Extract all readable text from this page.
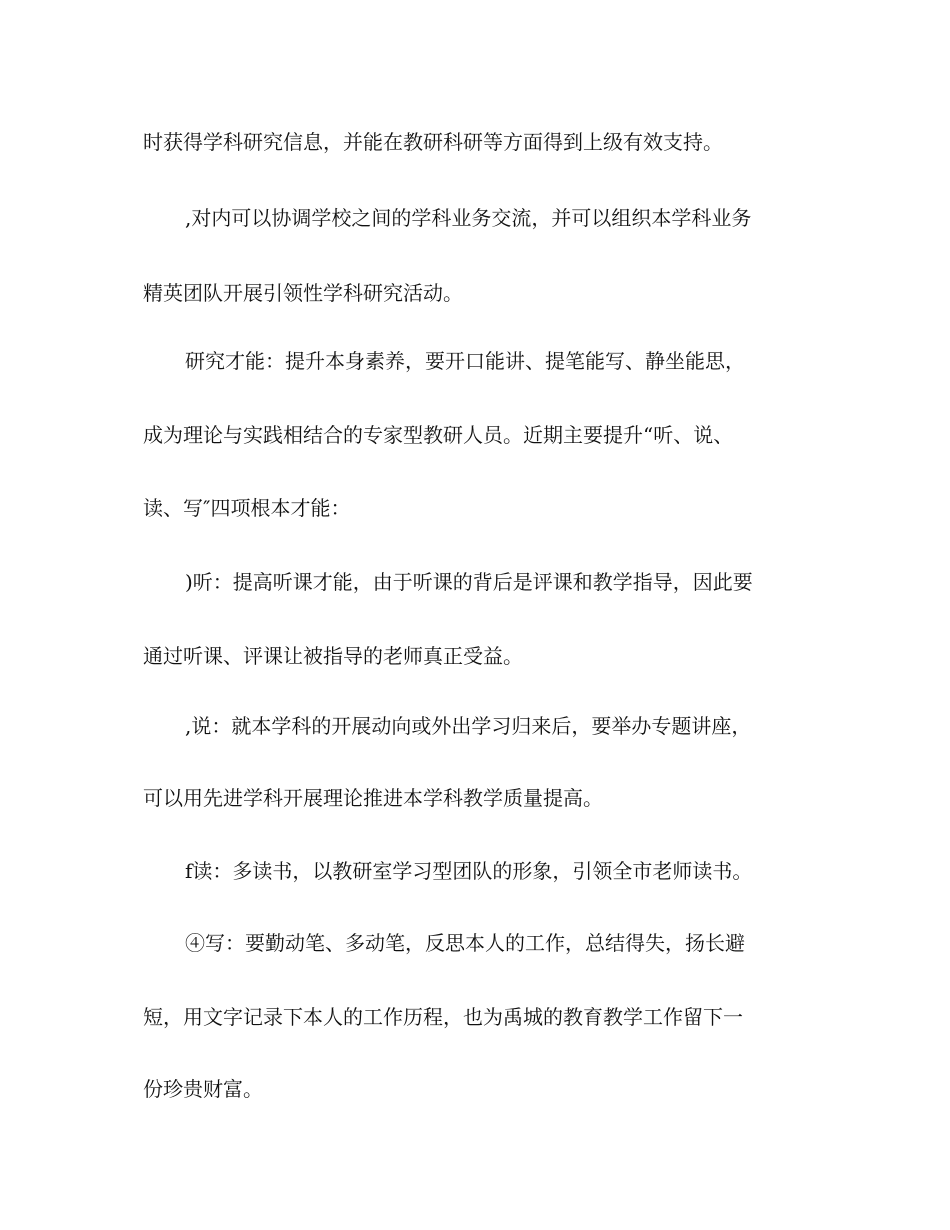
时获得学科研究信息，并能在教研科研等方面得到上级有效支持。

,对内可以协调学校之间的学科业务交流，并可以组织本学科业务

精英团队开展引领性学科研究活动。

研究才能：提升本身素养，要开口能讲、提笔能写、静坐能思，

成为理论与实践相结合的专家型教研人员。近期主要提升“听、说、

读、写″四项根本才能：

)听：提高听课才能，由于听课的背后是评课和教学指导，因此要

通过听课、评课让被指导的老师真正受益。

,说：就本学科的开展动向或外出学习归来后，要举办专题讲座，

可以用先进学科开展理论推进本学科教学质量提高。

f读：多读书，以教研室学习型团队的形象，引领全市老师读书。

④写：要勤动笔、多动笔，反思本人的工作，总结得失，扬长避

短，用文字记录下本人的工作历程，也为禹城的教育教学工作留下一

份珍贵财富。
